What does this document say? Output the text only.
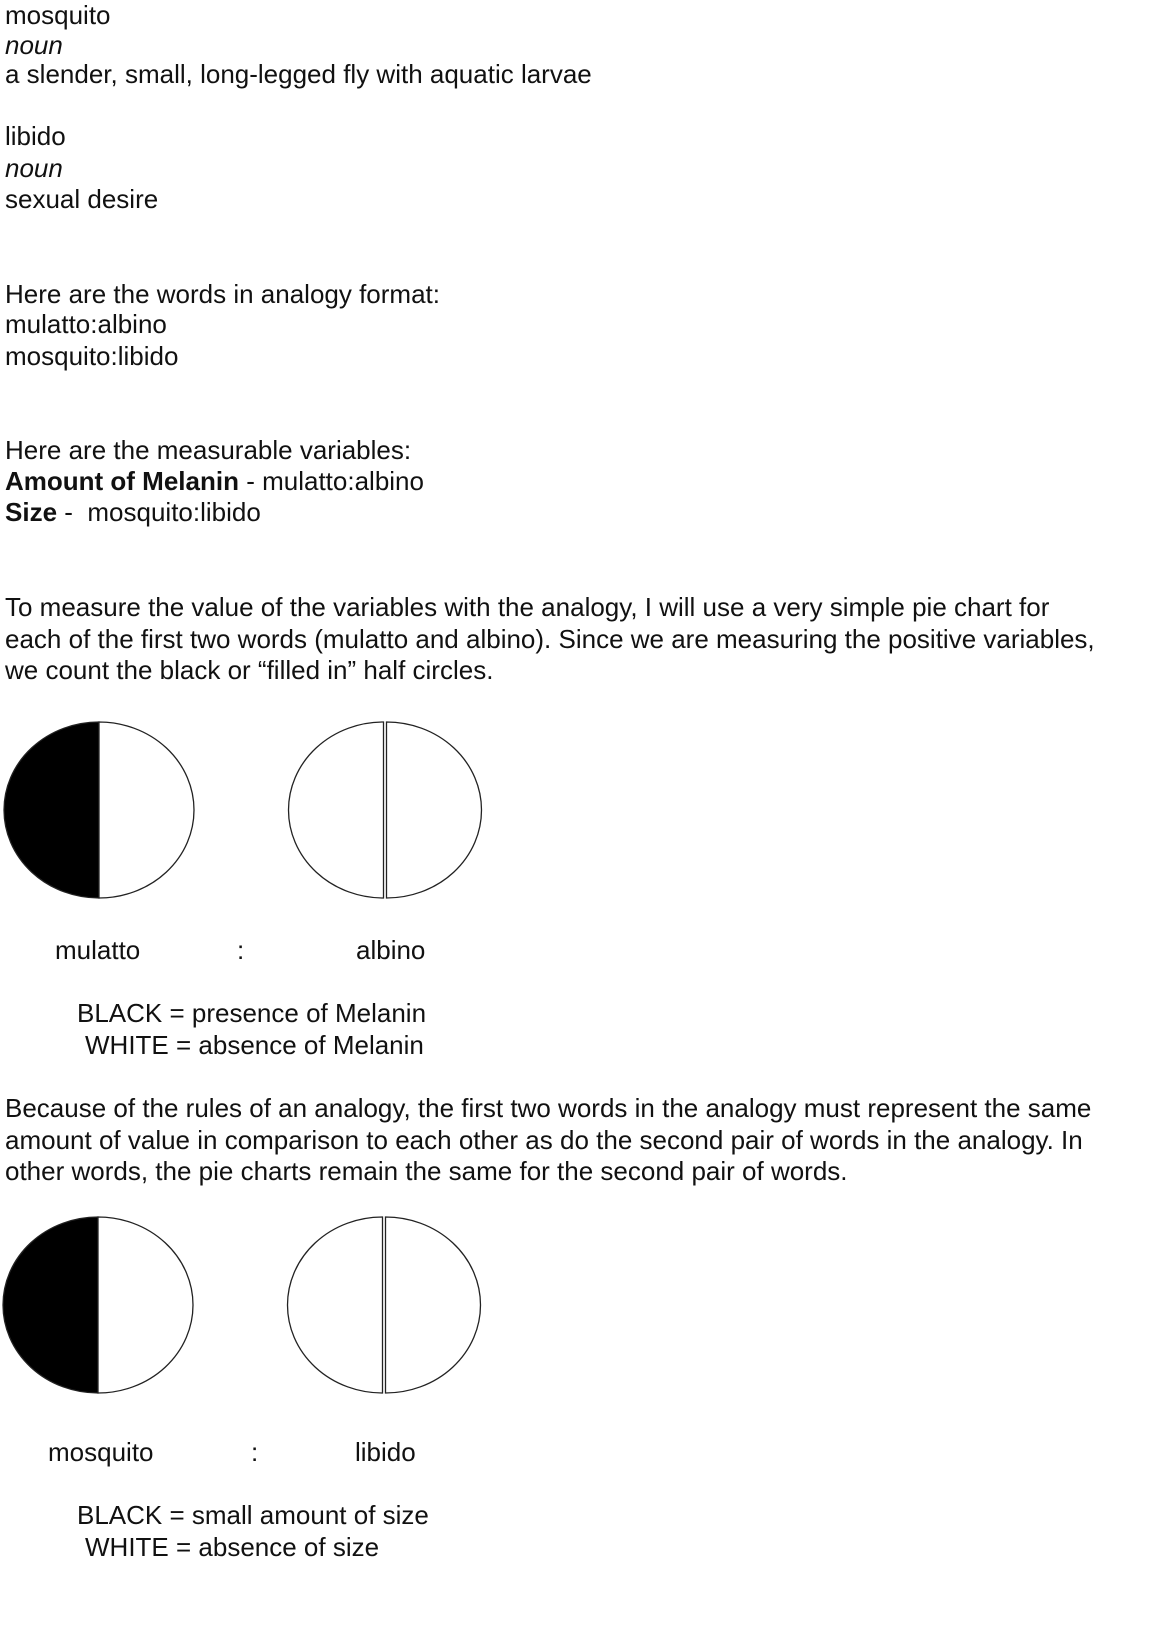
mosquito

noun

a slender, small, long-legged fly with aquatic larvae

libido

noun

sexual desire

Here are the words in analogy format:

mulatto:albino

mosquito:libido

Here are the measurable variables:

Amount of Melanin - mulatto:albino

Size -  mosquito:libido

To measure the value of the variables with the analogy, I will use a very simple pie chart for
each of the first two words (mulatto and albino). Since we are measuring the positive variables,
we count the black or “filled in” half circles.

mulatto	:	albino

BLACK = presence of Melanin

WHITE = absence of Melanin

Because of the rules of an analogy, the first two words in the analogy must represent the same
amount of value in comparison to each other as do the second pair of words in the analogy. In
other words, the pie charts remain the same for the second pair of words.

mosquito	:	libido

BLACK = small amount of size

WHITE = absence of size
